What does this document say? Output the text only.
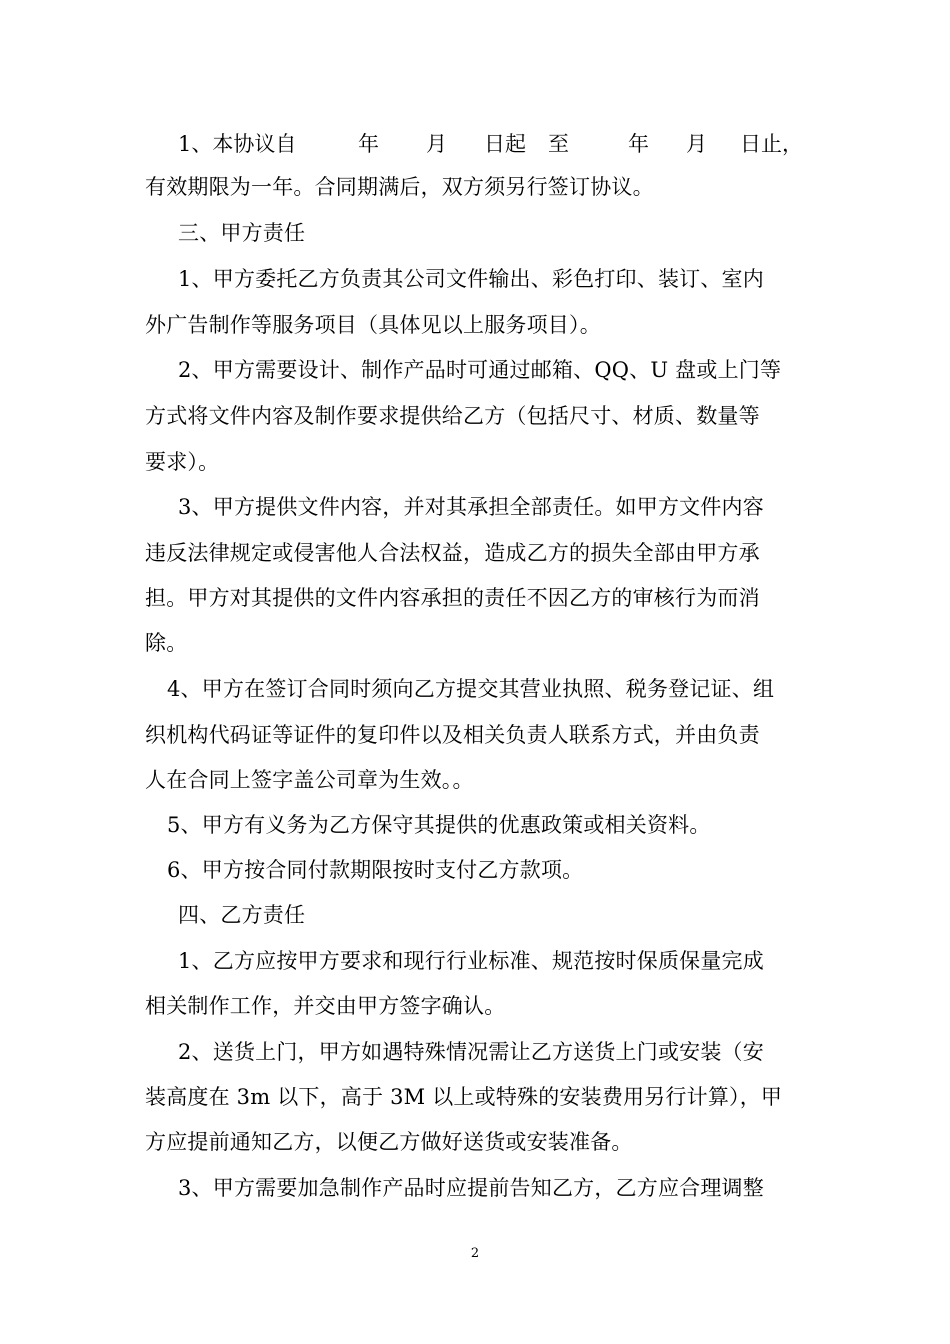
1、本协议自	年 月 日起 至	年 月 日止，
有效期限为一年。合同期满后，双方须另行签订协议。
三、甲方责任
1、甲方委托乙方负责其公司文件输出、彩色打印、装订、室内
外广告制作等服务项目（具体见以上服务项目）。
2、甲方需要设计、制作产品时可通过邮箱、QQ、U 盘或上门等
方式将文件内容及制作要求提供给乙方（包括尺寸、材质、数量等
要求）。
3、甲方提供文件内容，并对其承担全部责任。如甲方文件内容
违反法律规定或侵害他人合法权益，造成乙方的损失全部由甲方承
担。甲方对其提供的文件内容承担的责任不因乙方的审核行为而消
除。
4、甲方在签订合同时须向乙方提交其营业执照、税务登记证、组
织机构代码证等证件的复印件以及相关负责人联系方式，并由负责
人在合同上签字盖公司章为生效。。
5、甲方有义务为乙方保守其提供的优惠政策或相关资料。
6、甲方按合同付款期限按时支付乙方款项。
四、乙方责任
1、乙方应按甲方要求和现行行业标准、规范按时保质保量完成
相关制作工作，并交由甲方签字确认。
2、送货上门，甲方如遇特殊情况需让乙方送货上门或安装（安
装高度在 3m 以下，高于 3M 以上或特殊的安装费用另行计算），甲
方应提前通知乙方，以便乙方做好送货或安装准备。
3、甲方需要加急制作产品时应提前告知乙方，乙方应合理调整
2
